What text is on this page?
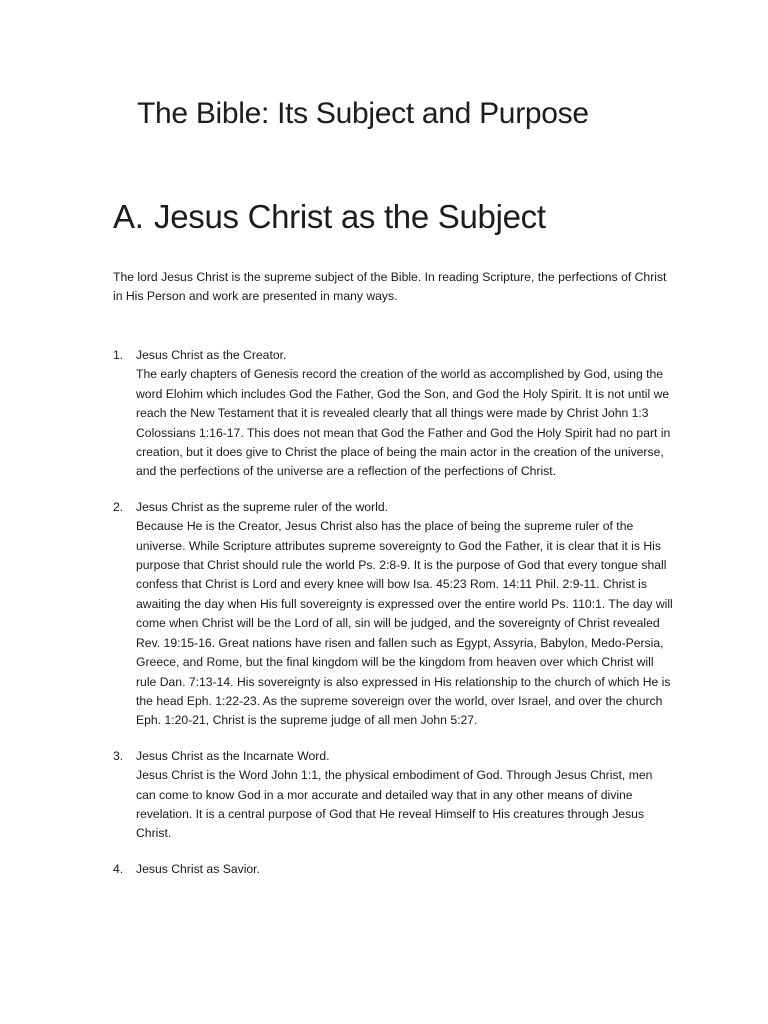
The Bible: Its Subject and Purpose
A. Jesus Christ as the Subject

The lord Jesus Christ is the supreme subject of the Bible. In reading Scripture, the perfections of Christ in His Person and work are presented in many ways.

1. Jesus Christ as the Creator.
The early chapters of Genesis record the creation of the world as accomplished by God, using the word Elohim which includes God the Father, God the Son, and God the Holy Spirit. It is not until we reach the New Testament that it is revealed clearly that all things were made by Christ John 1:3 Colossians 1:16-17. This does not mean that God the Father and God the Holy Spirit had no part in creation, but it does give to Christ the place of being the main actor in the creation of the universe, and the perfections of the universe are a reflection of the perfections of Christ.
2. Jesus Christ as the supreme ruler of the world.
Because He is the Creator, Jesus Christ also has the place of being the supreme ruler of the universe. While Scripture attributes supreme sovereignty to God the Father, it is clear that it is His purpose that Christ should rule the world Ps. 2:8-9. It is the purpose of God that every tongue shall confess that Christ is Lord and every knee will bow Isa. 45:23 Rom. 14:11 Phil. 2:9-11. Christ is awaiting the day when His full sovereignty is expressed over the entire world Ps. 110:1. The day will come when Christ will be the Lord of all, sin will be judged, and the sovereignty of Christ revealed Rev. 19:15-16. Great nations have risen and fallen such as Egypt, Assyria, Babylon, Medo-Persia, Greece, and Rome, but the final kingdom will be the kingdom from heaven over which Christ will rule Dan. 7:13-14. His sovereignty is also expressed in His relationship to the church of which He is the head Eph. 1:22-23. As the supreme sovereign over the world, over Israel, and over the church Eph. 1:20-21, Christ is the supreme judge of all men John 5:27.
3. Jesus Christ as the Incarnate Word.
Jesus Christ is the Word John 1:1, the physical embodiment of God. Through Jesus Christ, men can come to know God in a mor accurate and detailed way that in any other means of divine revelation. It is a central purpose of God that He reveal Himself to His creatures through Jesus Christ.
4. Jesus Christ as Savior.
